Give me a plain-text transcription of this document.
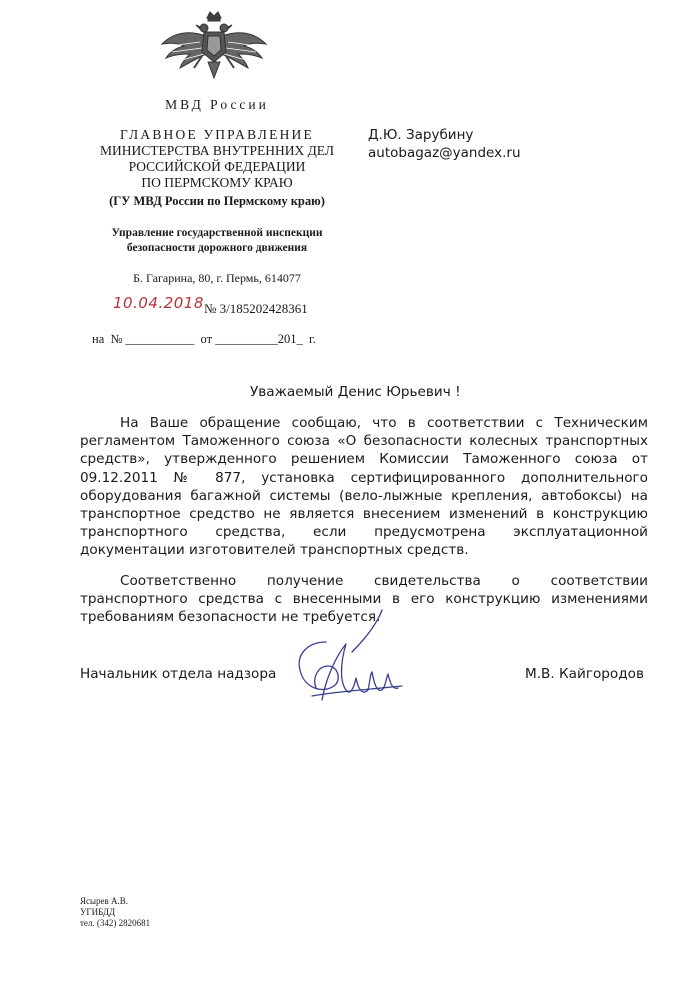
МВД России
ГЛАВНОЕ УПРАВЛЕНИЕ
МИНИСТЕРСТВА ВНУТРЕННИХ ДЕЛ
РОССИЙСКОЙ ФЕДЕРАЦИИ
ПО ПЕРМСКОМУ КРАЮ
(ГУ МВД России по Пермскому краю)
Управление государственной инспекции
безопасности дорожного движения
Б. Гагарина, 80, г. Пермь, 614077
10.04.2018 № 3/185202428361
на  № ___________  от __________201_  г.
Д.Ю. Зарубину
autobagaz@yandex.ru
Уважаемый Денис Юрьевич !
На Ваше обращение сообщаю, что в соответствии с Техническим регламентом Таможенного союза «О безопасности колесных транспортных средств», утвержденного решением Комиссии Таможенного союза от 09.12.2011 № 877, установка сертифицированного дополнительного оборудования багажной системы (вело-лыжные крепления, автобоксы) на транспортное средство не является внесением изменений в конструкцию транспортного средства, если предусмотрена эксплуатационной документации изготовителей транспортных средств.
Соответственно получение свидетельства о соответствии транспортного средства с внесенными в его конструкцию изменениями требованиям безопасности не требуется.
Начальник отдела надзора	М.В. Кайгородов
Ясырев А.В.
УГИБДД
тел. (342) 2820681
